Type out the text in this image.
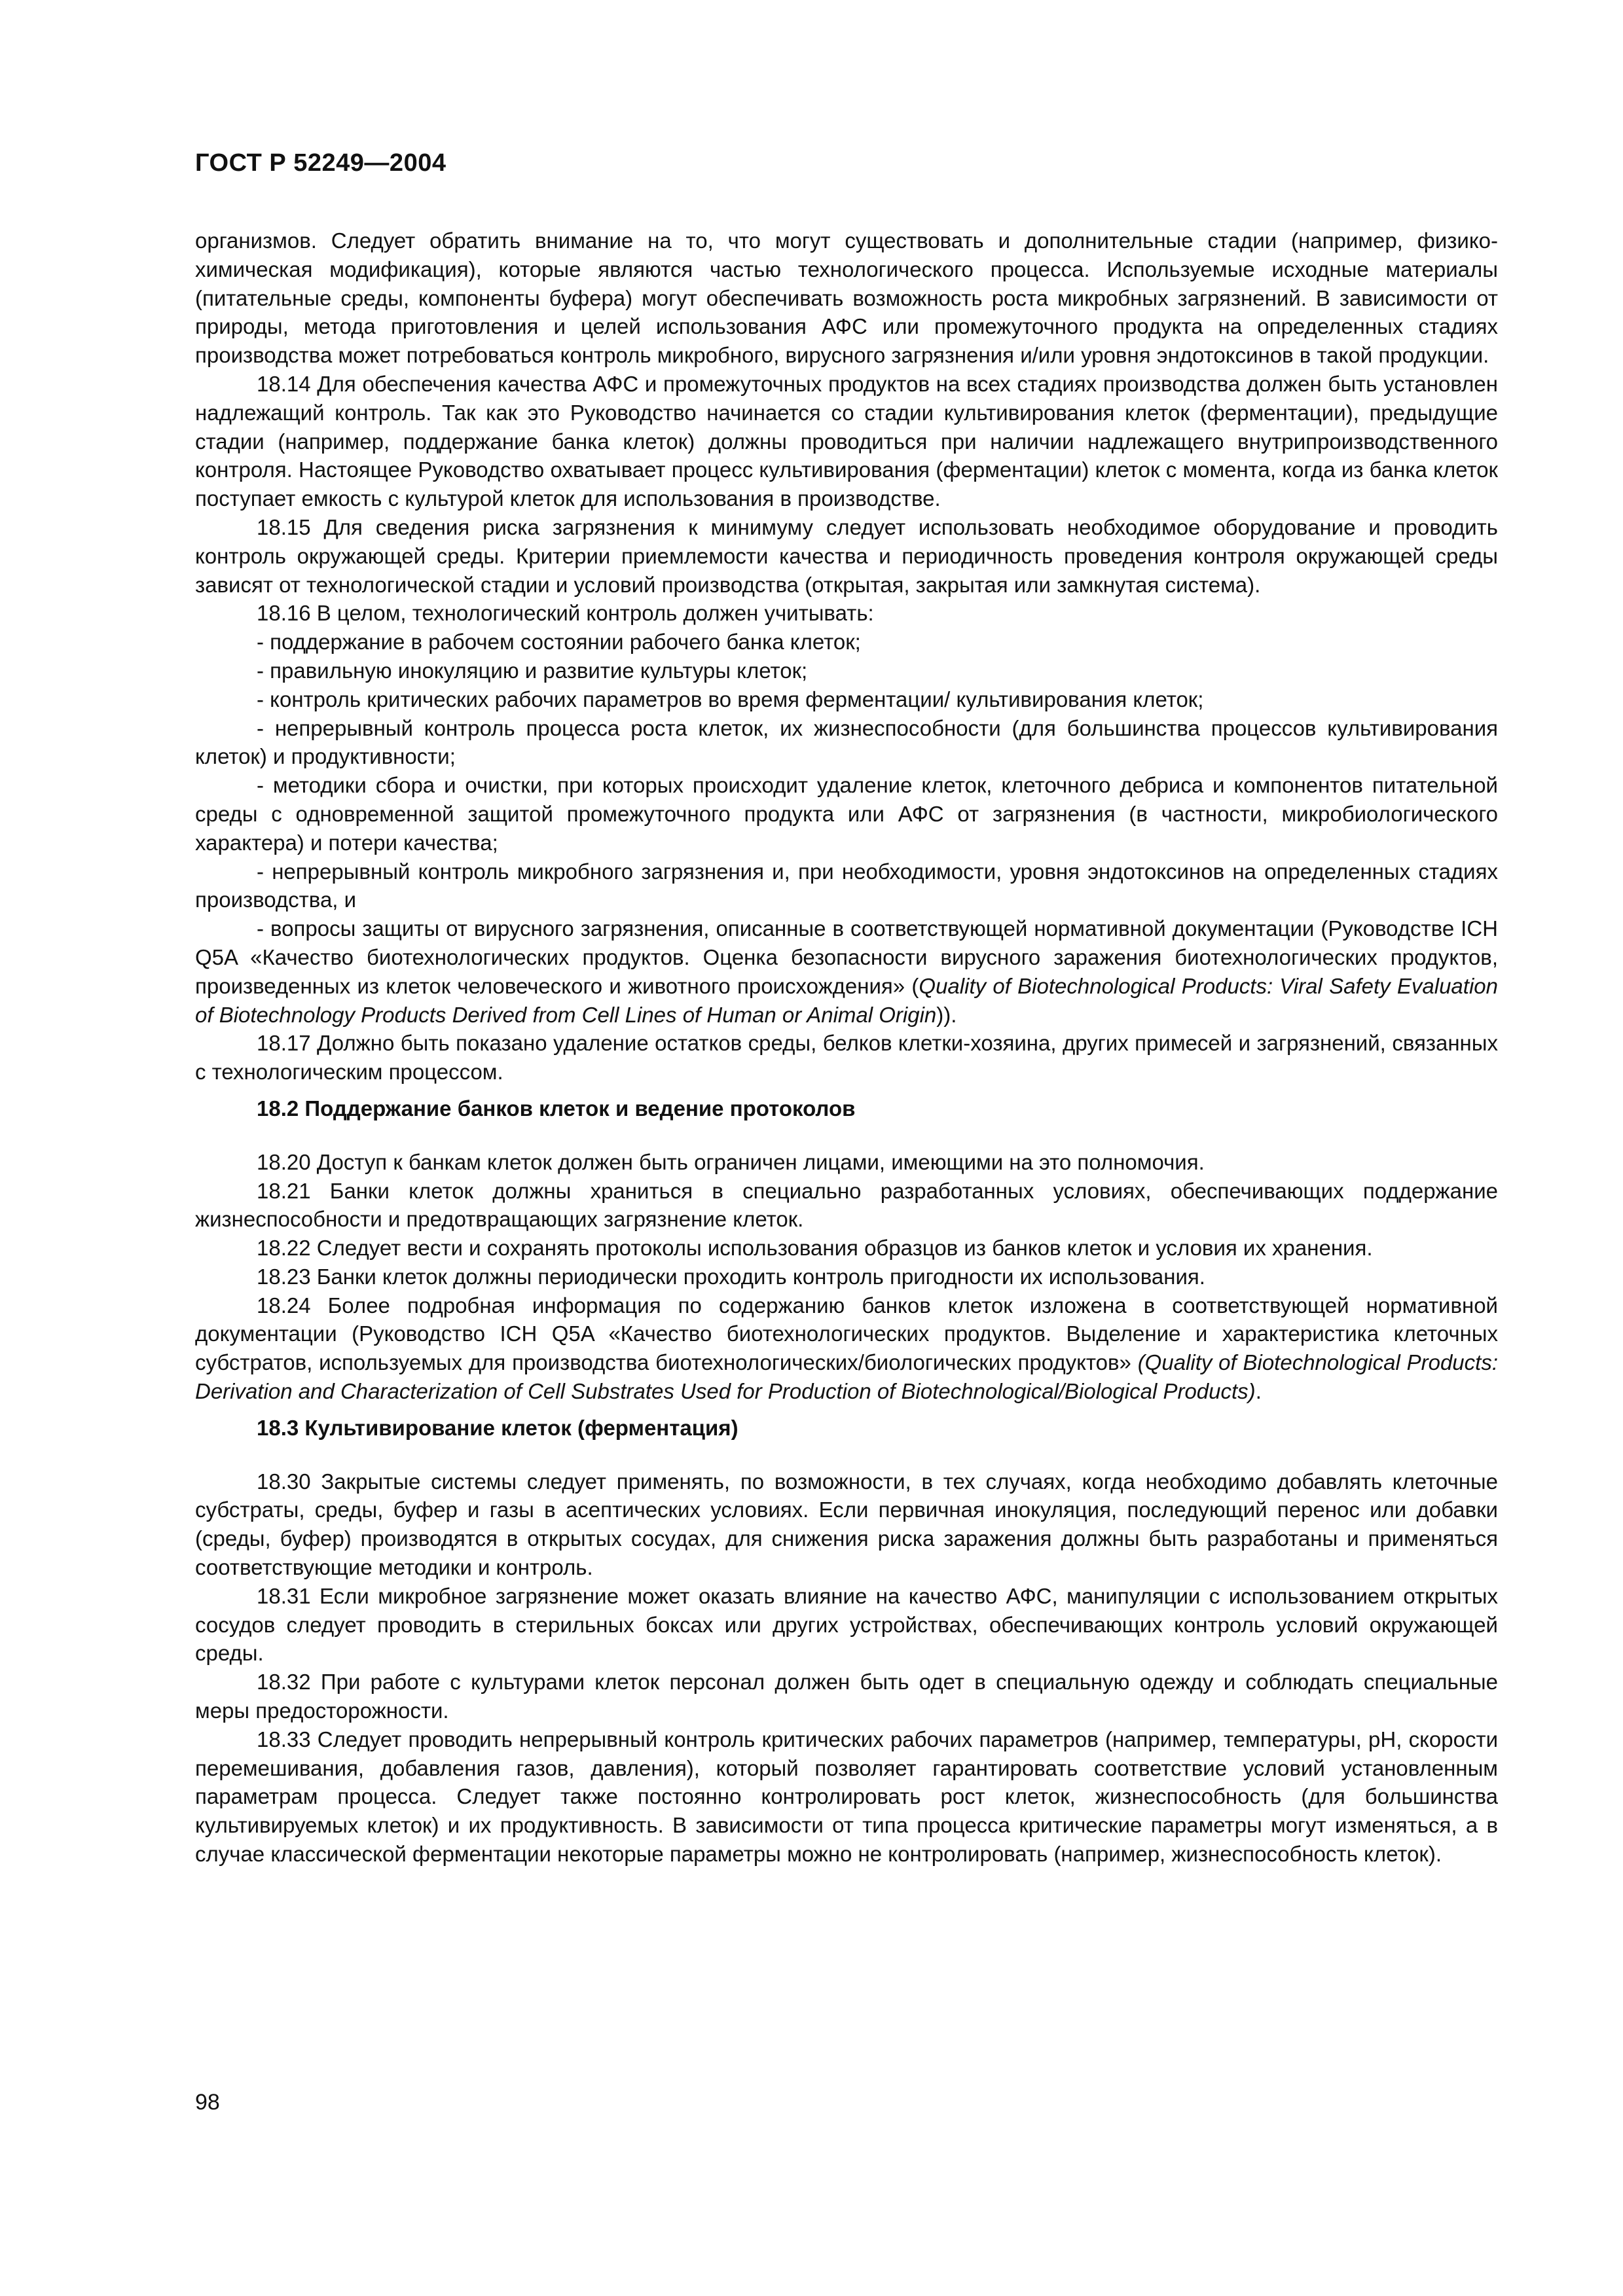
ГОСТ Р 52249—2004

организмов. Следует обратить внимание на то, что могут существовать и дополнительные стадии (например, физико-химическая модификация), которые являются частью технологического процесса. Используемые исходные материалы (питательные среды, компоненты буфера) могут обеспечивать возможность роста микробных загрязнений. В зависимости от природы, метода приготовления и целей использования АФС или промежуточного продукта на определенных стадиях производства может потребоваться контроль микробного, вирусного загрязнения и/или уровня эндотоксинов в такой продукции.

18.14 Для обеспечения качества АФС и промежуточных продуктов на всех стадиях производства должен быть установлен надлежащий контроль. Так как это Руководство начинается со стадии культивирования клеток (ферментации), предыдущие стадии (например, поддержание банка клеток) должны проводиться при наличии надлежащего внутрипроизводственного контроля. Настоящее Руководство охватывает процесс культивирования (ферментации) клеток с момента, когда из банка клеток поступает емкость с культурой клеток для использования в производстве.

18.15 Для сведения риска загрязнения к минимуму следует использовать необходимое оборудование и проводить контроль окружающей среды. Критерии приемлемости качества и периодичность проведения контроля окружающей среды зависят от технологической стадии и условий производства (открытая, закрытая или замкнутая система).

18.16 В целом, технологический контроль должен учитывать:

- поддержание в рабочем состоянии рабочего банка клеток;

- правильную инокуляцию и развитие культуры клеток;

- контроль критических рабочих параметров во время ферментации/ культивирования клеток;

- непрерывный контроль процесса роста клеток, их жизнеспособности (для большинства процессов культивирования клеток) и продуктивности;

- методики сбора и очистки, при которых происходит удаление клеток, клеточного дебриса и компонентов питательной среды с одновременной защитой промежуточного продукта или АФС от загрязнения (в частности, микробиологического характера) и потери качества;

- непрерывный контроль микробного загрязнения и, при необходимости, уровня эндотоксинов на определенных стадиях производства, и

- вопросы защиты от вирусного загрязнения, описанные в соответствующей нормативной документации (Руководстве ICH Q5A «Качество биотехнологических продуктов. Оценка безопасности вирусного заражения биотехнологических продуктов, произведенных из клеток человеческого и животного происхождения» (Quality of Biotechnological Products: Viral Safety Evaluation of Biotechnology Products Derived from Cell Lines of Human or Animal Origin)).

18.17 Должно быть показано удаление остатков среды, белков клетки-хозяина, других примесей и загрязнений, связанных с технологическим процессом.

18.2 Поддержание банков клеток и ведение протоколов

18.20 Доступ к банкам клеток должен быть ограничен лицами, имеющими на это полномочия.

18.21 Банки клеток должны храниться в специально разработанных условиях, обеспечивающих поддержание жизнеспособности и предотвращающих загрязнение клеток.

18.22 Следует вести и сохранять протоколы использования образцов из банков клеток и условия их хранения.

18.23 Банки клеток должны периодически проходить контроль пригодности их использования.

18.24 Более подробная информация по содержанию банков клеток изложена в соответствующей нормативной документации (Руководство ICH Q5A «Качество биотехнологических продуктов. Выделение и характеристика клеточных субстратов, используемых для производства биотехнологических/биологических продуктов» (Quality of Biotechnological Products: Derivation and Characterization of Cell Substrates Used for Production of Biotechnological/Biological Products).

18.3 Культивирование клеток (ферментация)

18.30 Закрытые системы следует применять, по возможности, в тех случаях, когда необходимо добавлять клеточные субстраты, среды, буфер и газы в асептических условиях. Если первичная инокуляция, последующий перенос или добавки (среды, буфер) производятся в открытых сосудах, для снижения риска заражения должны быть разработаны и применяться соответствующие методики и контроль.

18.31 Если микробное загрязнение может оказать влияние на качество АФС, манипуляции с использованием открытых сосудов следует проводить в стерильных боксах или других устройствах, обеспечивающих контроль условий окружающей среды.

18.32 При работе с культурами клеток персонал должен быть одет в специальную одежду и соблюдать специальные меры предосторожности.

18.33 Следует проводить непрерывный контроль критических рабочих параметров (например, температуры, pH, скорости перемешивания, добавления газов, давления), который позволяет гарантировать соответствие условий установленным параметрам процесса. Следует также постоянно контролировать рост клеток, жизнеспособность (для большинства культивируемых клеток) и их продуктивность. В зависимости от типа процесса критические параметры могут изменяться, а в случае классической ферментации некоторые параметры можно не контролировать (например, жизнеспособность клеток).

98
